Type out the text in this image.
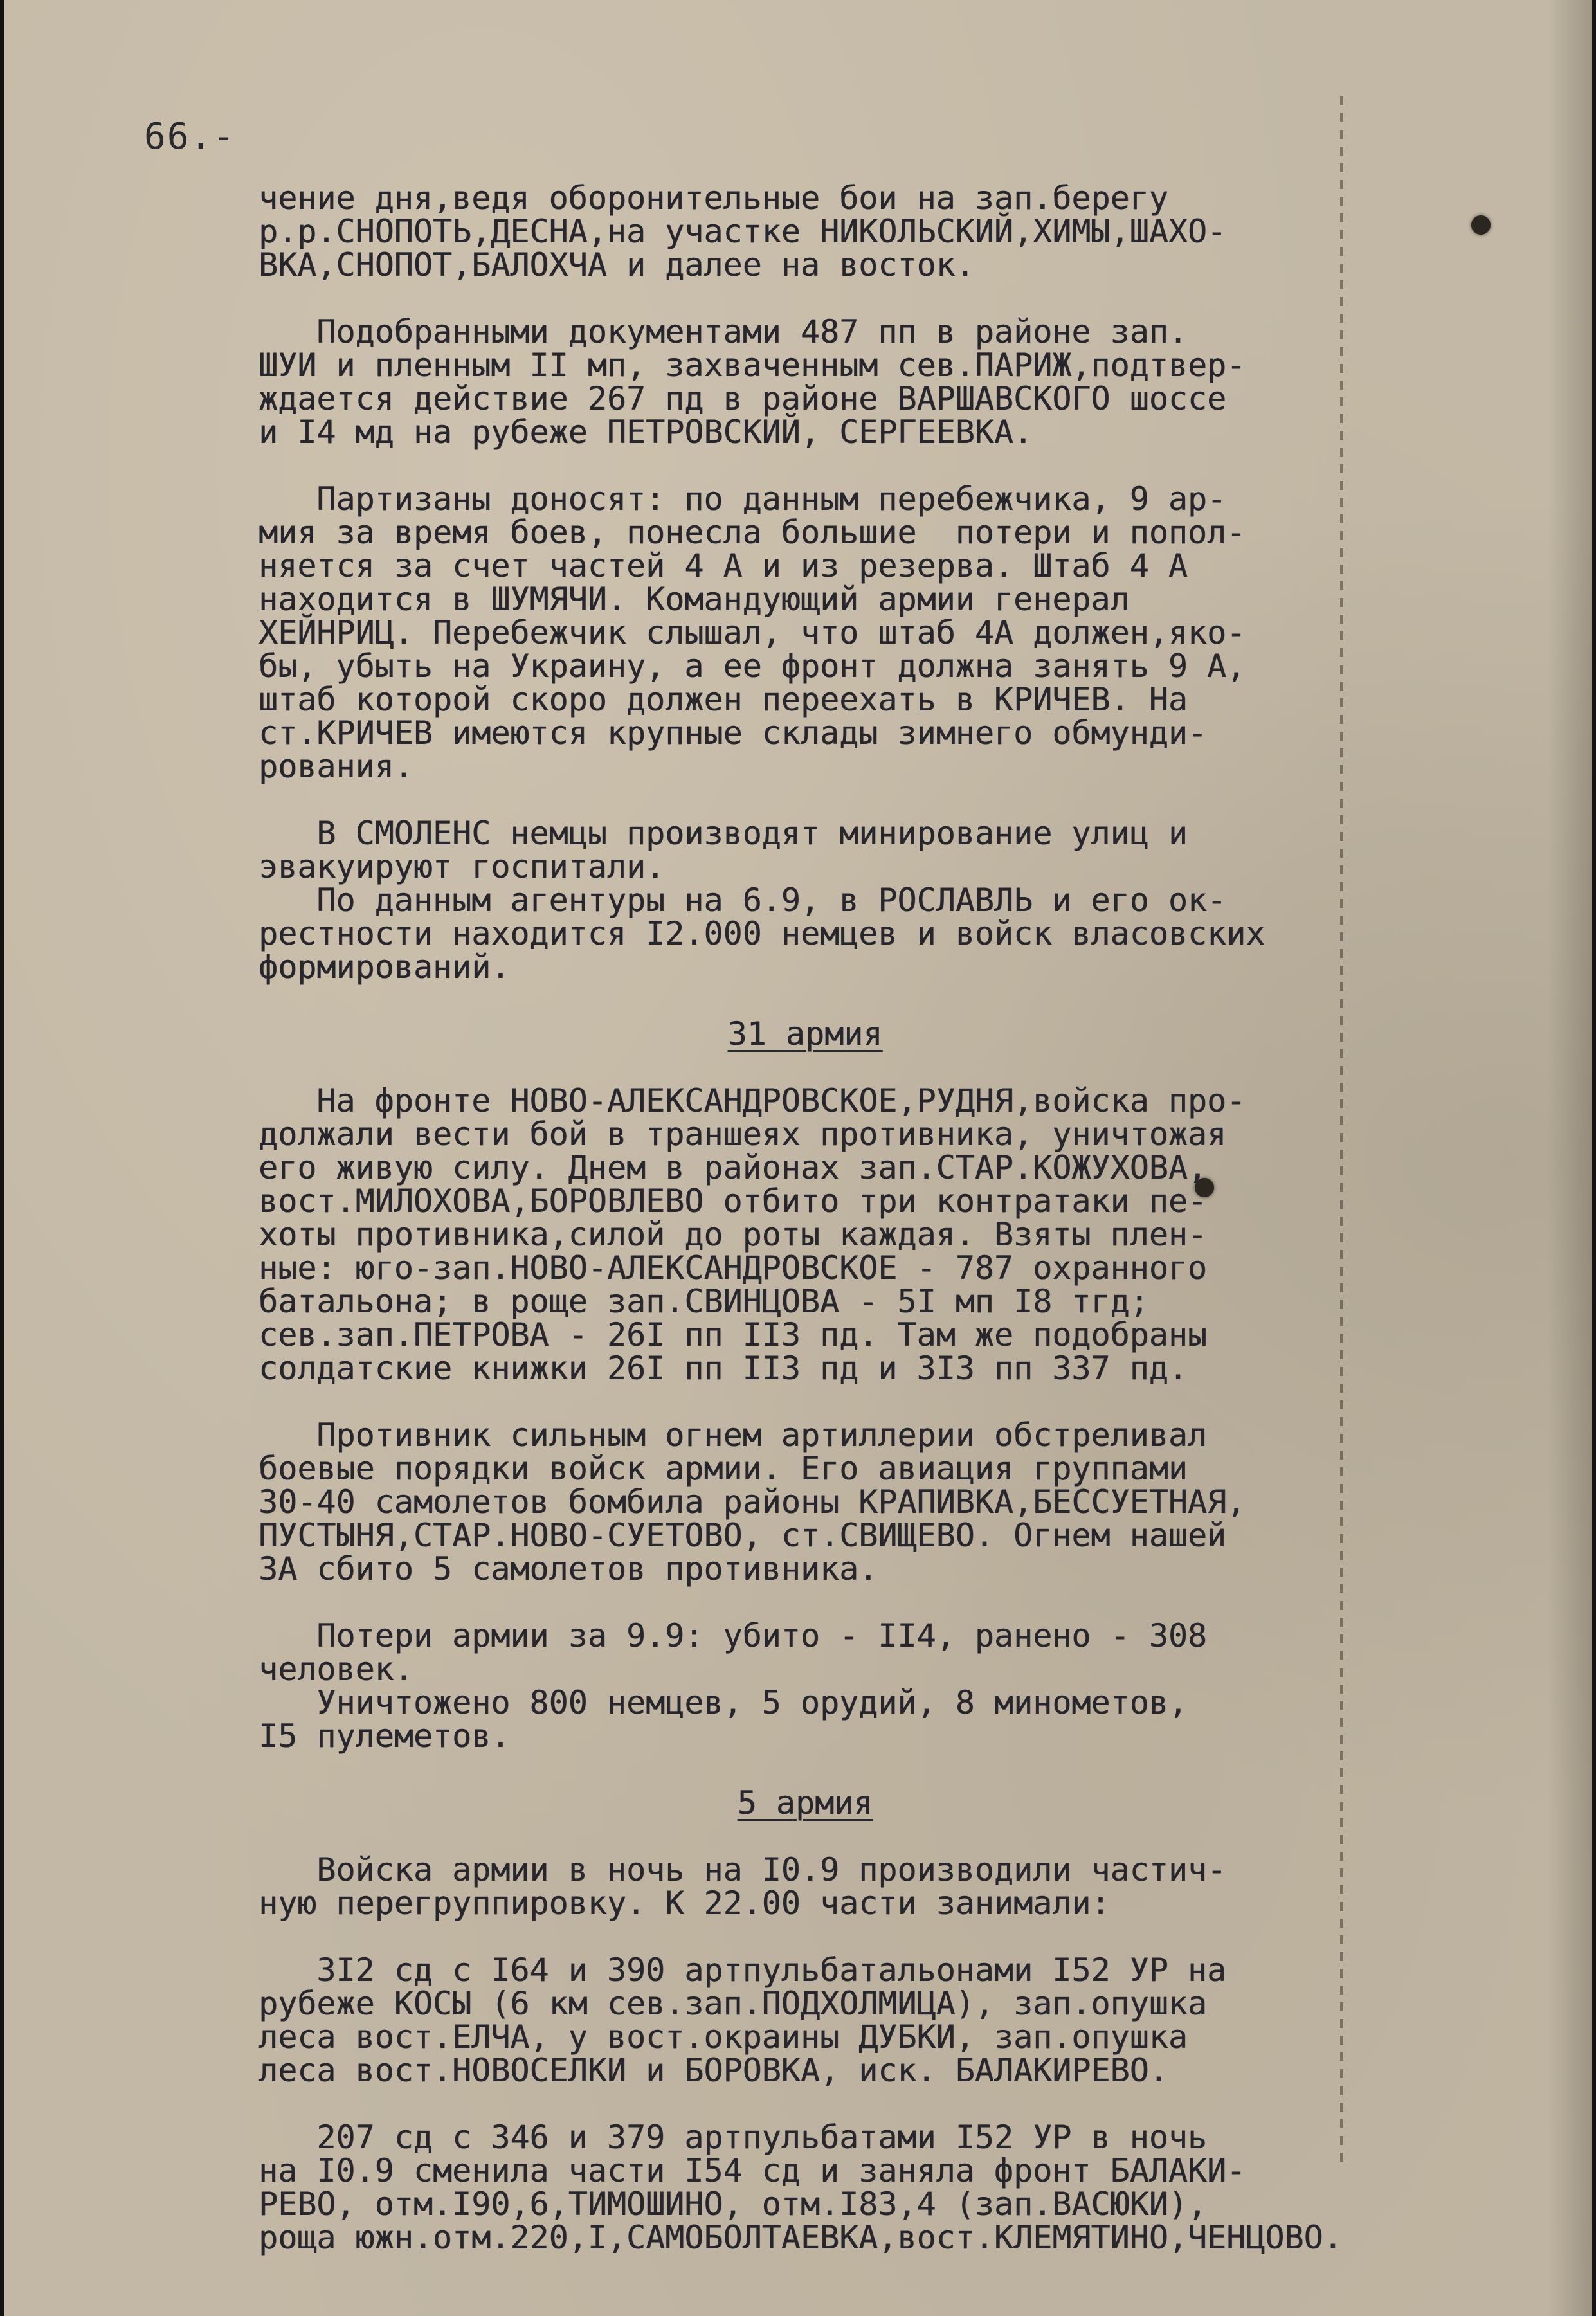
66.-
чение дня,ведя оборонительные бои на зап.берегу
р.р.СНОПОТЬ,ДЕСНА,на участке НИКОЛЬСКИЙ,ХИМЫ,ШАХО-
ВКА,СНОПОТ,БАЛОХЧА и далее на восток.
Подобранными документами 487 пп в районе зап.
ШУИ и пленным II мп, захваченным сев.ПАРИЖ,подтвер-
ждается действие 267 пд в районе ВАРШАВСКОГО шоссе
и I4 мд на рубеже ПЕТРОВСКИЙ, СЕРГЕЕВКА.
Партизаны доносят: по данным перебежчика, 9 ар-
мия за время боев, понесла большие  потери и попол-
няется за счет частей 4 А и из резерва. Штаб 4 А
находится в ШУМЯЧИ. Командующий армии генерал
ХЕЙНРИЦ. Перебежчик слышал, что штаб 4А должен,яко-
бы, убыть на Украину, а ее фронт должна занять 9 А,
штаб которой скоро должен переехать в КРИЧЕВ. На
ст.КРИЧЕВ имеются крупные склады зимнего обмунди-
рования.
В СМОЛЕНС немцы производят минирование улиц и
эвакуируют госпитали.
По данным агентуры на 6.9, в РОСЛАВЛЬ и его ок-
рестности находится I2.000 немцев и войск власовских
формирований.
31 армия
На фронте НОВО-АЛЕКСАНДРОВСКОЕ,РУДНЯ,войска про-
должали вести бой в траншеях противника, уничтожая
его живую силу. Днем в районах зап.СТАР.КОЖУХОВА,
вост.МИЛОХОВА,БОРОВЛЕВО отбито три контратаки пе-
хоты противника,силой до роты каждая. Взяты плен-
ные: юго-зап.НОВО-АЛЕКСАНДРОВСКОЕ - 787 охранного
батальона; в роще зап.СВИНЦОВА - 5I мп I8 тгд;
сев.зап.ПЕТРОВА - 26I пп II3 пд. Там же подобраны
солдатские книжки 26I пп II3 пд и 3I3 пп 337 пд.
Противник сильным огнем артиллерии обстреливал
боевые порядки войск армии. Его авиация группами
30-40 самолетов бомбила районы КРАПИВКА,БЕССУЕТНАЯ,
ПУСТЫНЯ,СТАР.НОВО-СУЕТОВО, ст.СВИЩЕВО. Огнем нашей
ЗА сбито 5 самолетов противника.
Потери армии за 9.9: убито - II4, ранено - 308
человек.
Уничтожено 800 немцев, 5 орудий, 8 минометов,
I5 пулеметов.
5 армия
Войска армии в ночь на I0.9 производили частич-
ную перегруппировку. К 22.00 части занимали:
3I2 сд с I64 и 390 артпульбатальонами I52 УР на
рубеже КОСЫ (6 км сев.зап.ПОДХОЛМИЦА), зап.опушка
леса вост.ЕЛЧА, у вост.окраины ДУБКИ, зап.опушка
леса вост.НОВОСЕЛКИ и БОРОВКА, иск. БАЛАКИРЕВО.
207 сд с 346 и 379 артпульбатами I52 УР в ночь
на I0.9 сменила части I54 сд и заняла фронт БАЛАКИ-
РЕВО, отм.I90,6,ТИМОШИНО, отм.I83,4 (зап.ВАСЮКИ),
роща южн.отм.220,I,САМОБОЛТАЕВКА,вост.КЛЕМЯТИНО,ЧЕНЦОВО.
